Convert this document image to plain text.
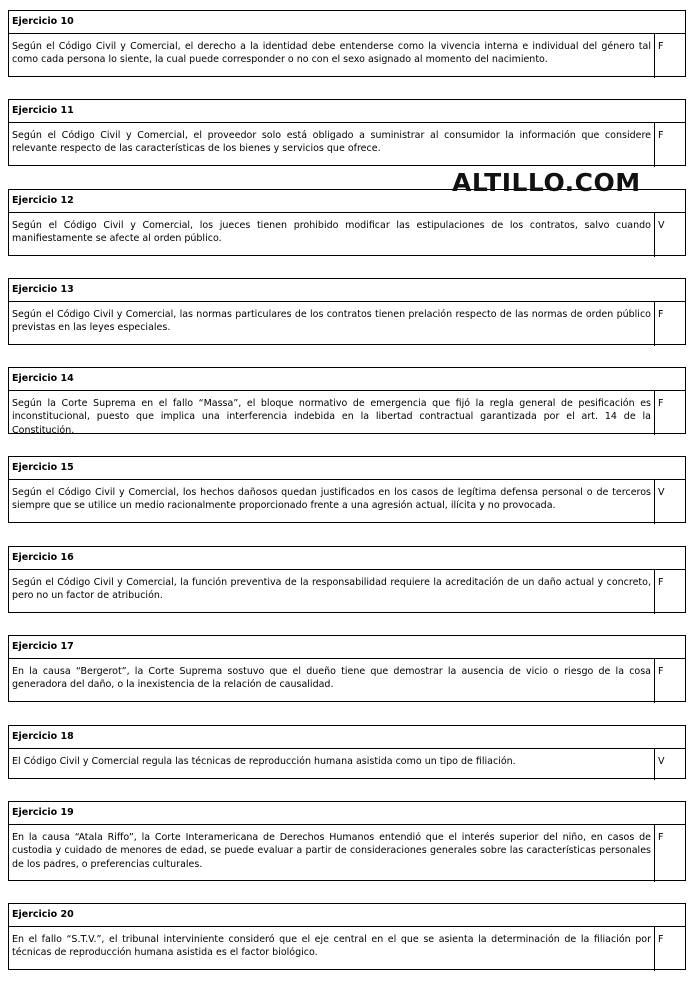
Ejercicio 10
Según el Código Civil y Comercial, el derecho a la identidad debe entenderse como la vivencia interna e individual del género tal como cada persona lo siente, la cual puede corresponder o no con el sexo asignado al momento del nacimiento.
F
Ejercicio 11
Según el Código Civil y Comercial, el proveedor solo está obligado a suministrar al consumidor la información que considere relevante respecto de las características de los bienes y servicios que ofrece.
F
Ejercicio 12
Según el Código Civil y Comercial, los jueces tienen prohibido modificar las estipulaciones de los contratos, salvo cuando manifiestamente se afecte al orden público.
V
Ejercicio 13
Según el Código Civil y Comercial, las normas particulares de los contratos tienen prelación respecto de las normas de orden público previstas en las leyes especiales.
F
Ejercicio 14
Según la Corte Suprema en el fallo “Massa”, el bloque normativo de emergencia que fijó la regla general de pesificación es inconstitucional, puesto que implica una interferencia indebida en la libertad contractual garantizada por el art. 14 de la Constitución.
F
Ejercicio 15
Según el Código Civil y Comercial, los hechos dañosos quedan justificados en los casos de legítima defensa personal o de terceros siempre que se utilice un medio racionalmente proporcionado frente a una agresión actual, ilícita y no provocada.
V
Ejercicio 16
Según el Código Civil y Comercial, la función preventiva de la responsabilidad requiere la acreditación de un daño actual y concreto, pero no un factor de atribución.
F
Ejercicio 17
En la causa “Bergerot”, la Corte Suprema sostuvo que el dueño tiene que demostrar la ausencia de vicio o riesgo de la cosa generadora del daño, o la inexistencia de la relación de causalidad.
F
Ejercicio 18
El Código Civil y Comercial regula las técnicas de reproducción humana asistida como un tipo de filiación.	V
Ejercicio 19
En la causa “Atala Riffo”, la Corte Interamericana de Derechos Humanos entendió que el interés superior del niño, en casos de custodia y cuidado de menores de edad, se puede evaluar a partir de consideraciones generales sobre las características personales de los padres, o preferencias culturales.
F
Ejercicio 20
En el fallo “S.T.V.”, el tribunal interviniente consideró que el eje central en el que se asienta la determinación de la filiación por técnicas de reproducción humana asistida es el factor biológico.
F
ALTILLO.COM
